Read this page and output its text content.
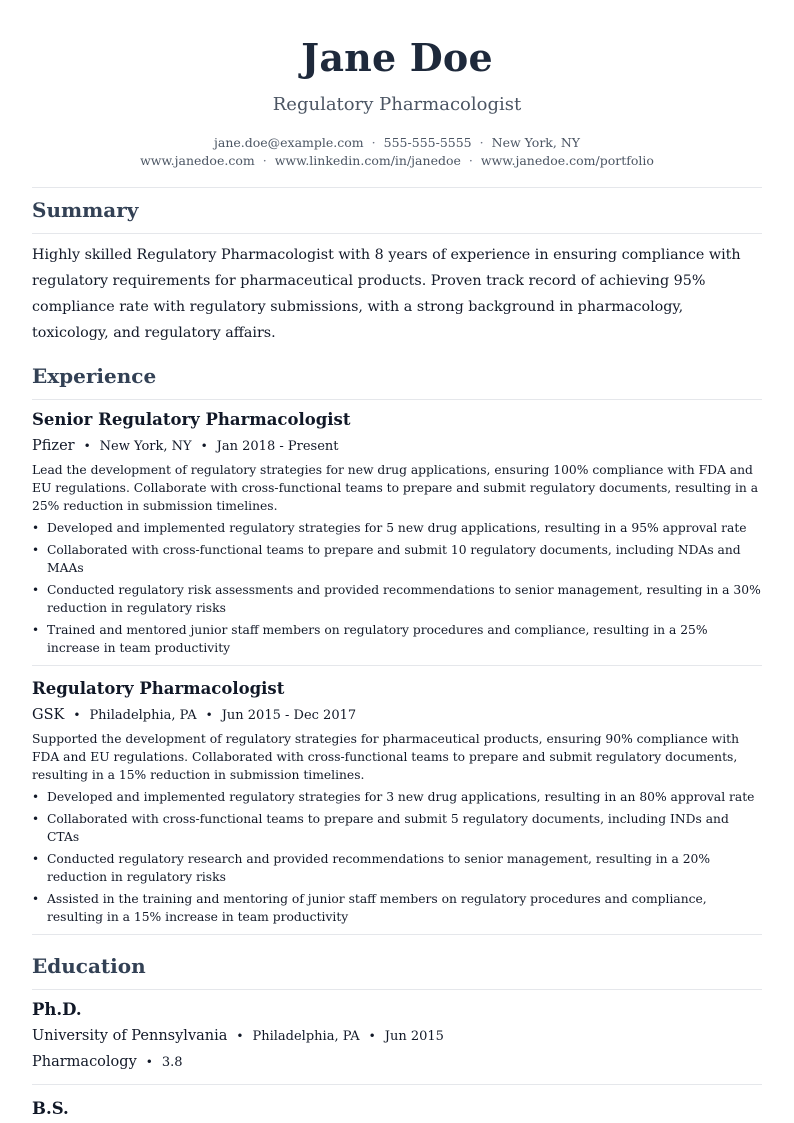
Jane Doe
Regulatory Pharmacologist

jane.doe@example.com · 555-555-5555 · New York, NY

www.janedoe.com · www.linkedin.com/in/janedoe · www.janedoe.com/portfolio

Summary

Highly skilled Regulatory Pharmacologist with 8 years of experience in ensuring compliance with regulatory requirements for pharmaceutical products. Proven track record of achieving 95% compliance rate with regulatory submissions, with a strong background in pharmacology, toxicology, and regulatory affairs.

Experience
Senior Regulatory Pharmacologist
Pfizer • New York, NY • Jan 2018 - Present
Lead the development of regulatory strategies for new drug applications, ensuring 100% compliance with FDA and EU regulations. Collaborate with cross-functional teams to prepare and submit regulatory documents, resulting in a 25% reduction in submission timelines.
• Developed and implemented regulatory strategies for 5 new drug applications, resulting in a 95% approval rate
• Collaborated with cross-functional teams to prepare and submit 10 regulatory documents, including NDAs and MAAs
• Conducted regulatory risk assessments and provided recommendations to senior management, resulting in a 30% reduction in regulatory risks
• Trained and mentored junior staff members on regulatory procedures and compliance, resulting in a 25% increase in team productivity
Regulatory Pharmacologist
GSK • Philadelphia, PA • Jun 2015 - Dec 2017
Supported the development of regulatory strategies for pharmaceutical products, ensuring 90% compliance with FDA and EU regulations. Collaborated with cross-functional teams to prepare and submit regulatory documents, resulting in a 15% reduction in submission timelines.
• Developed and implemented regulatory strategies for 3 new drug applications, resulting in an 80% approval rate
• Collaborated with cross-functional teams to prepare and submit 5 regulatory documents, including INDs and CTAs
• Conducted regulatory research and provided recommendations to senior management, resulting in a 20% reduction in regulatory risks
• Assisted in the training and mentoring of junior staff members on regulatory procedures and compliance, resulting in a 15% increase in team productivity
Education
Ph.D.
University of Pennsylvania • Philadelphia, PA • Jun 2015
Pharmacology • 3.8
B.S.
